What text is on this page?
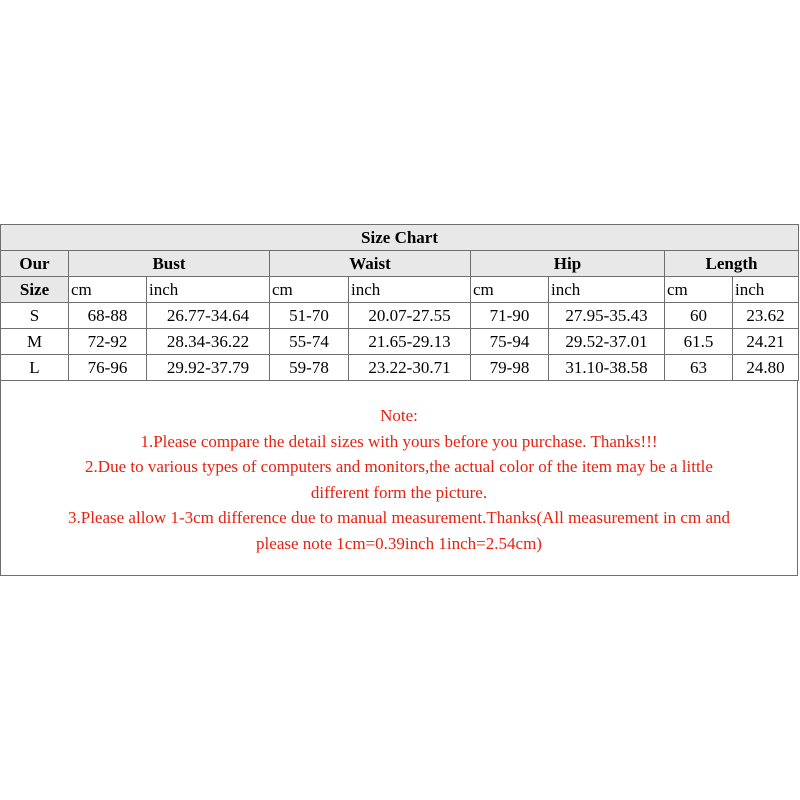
Size Chart								
Our	Bust		Waist		Hip		Length	
Size	cm	inch	cm	inch	cm	inch	cm	inch
S	68-88	26.77-34.64	51-70	20.07-27.55	71-90	27.95-35.43	60	23.62
M	72-92	28.34-36.22	55-74	21.65-29.13	75-94	29.52-37.01	61.5	24.21
L	76-96	29.92-37.79	59-78	23.22-30.71	79-98	31.10-38.58	63	24.80

Note:

1.Please compare the detail sizes with yours before you purchase. Thanks!!!

2.Due to various types of computers and monitors,the actual color of the item may be a little

different form the picture.

3.Please allow 1-3cm difference due to manual measurement.Thanks(All measurement in cm and

please note 1cm=0.39inch 1inch=2.54cm)
